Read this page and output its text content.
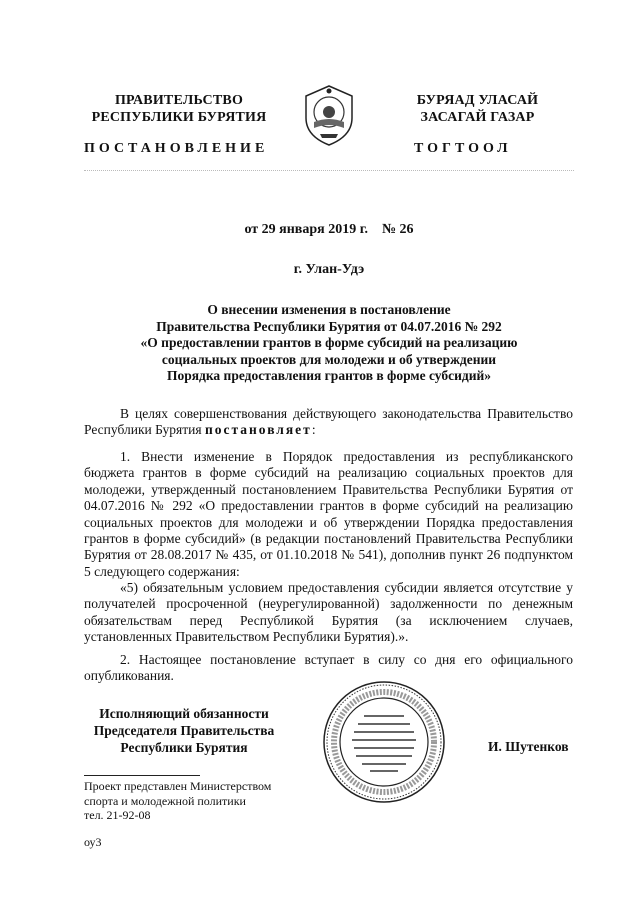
ПРАВИТЕЛЬСТВО
РЕСПУБЛИКИ БУРЯТИЯ
БУРЯАД УЛАСАЙ
ЗАСАГАЙ ГАЗАР
ПОСТАНОВЛЕНИЕ	ТОГТООЛ
от 29 января 2019 г.    № 26
г. Улан-Удэ
О внесении изменения в постановление
Правительства Республики Бурятия от 04.07.2016 № 292
«О предоставлении грантов в форме субсидий на реализацию
социальных проектов для молодежи и об утверждении
Порядка предоставления грантов в форме субсидий»
В целях совершенствования действующего законодательства Правительство Республики Бурятия постановляет:
1. Внести изменение в Порядок предоставления из республиканского бюджета грантов в форме субсидий на реализацию социальных проектов для молодежи, утвержденный постановлением Правительства Республики Бурятия от 04.07.2016 № 292 «О предоставлении грантов в форме субсидий на реализацию социальных проектов для молодежи и об утверждении Порядка предоставления грантов в форме субсидий» (в редакции постановлений Правительства Республики Бурятия от 28.08.2017 № 435, от 01.10.2018 № 541), дополнив пункт 26 подпунктом 5 следующего содержания:
«5) обязательным условием предоставления субсидии является отсутствие у получателей просроченной (неурегулированной) задолженности по денежным обязательствам перед Республикой Бурятия (за исключением случаев, установленных Правительством Республики Бурятия).».
2. Настоящее постановление вступает в силу со дня его официального опубликования.
Исполняющий обязанности
Председателя Правительства
Республики Бурятия	И. Шутенков
Проект представлен Министерством
спорта и молодежной политики
тел. 21-92-08
оу3
